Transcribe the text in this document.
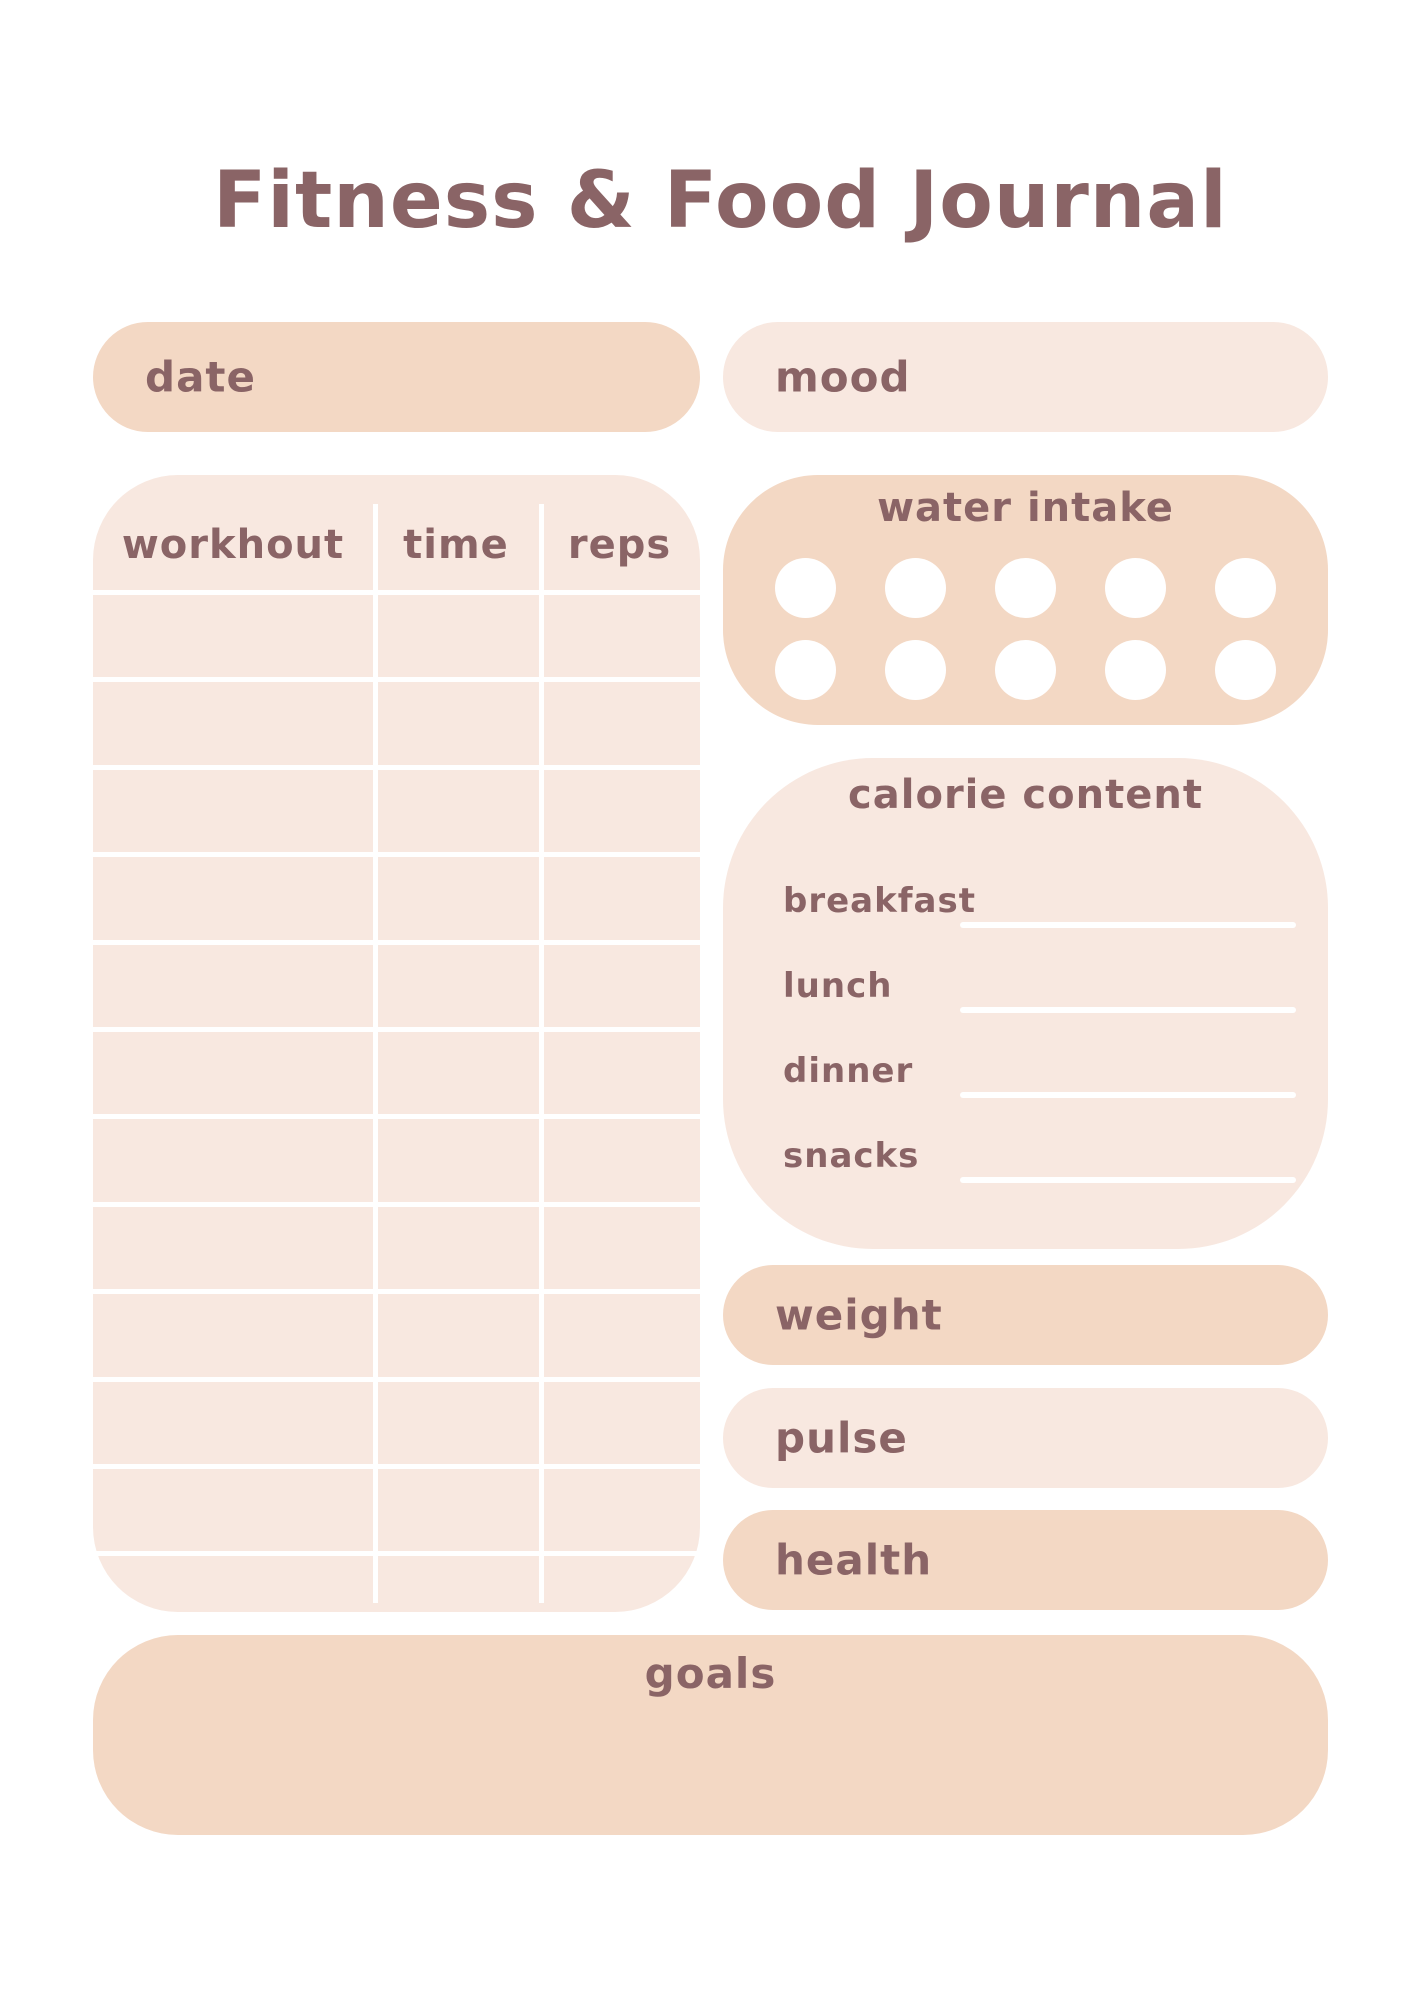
Fitness & Food Journal
date	mood
workhout	time	reps
water intake
calorie content
breakfast
lunch
dinner
snacks
weight
pulse
health
goals
